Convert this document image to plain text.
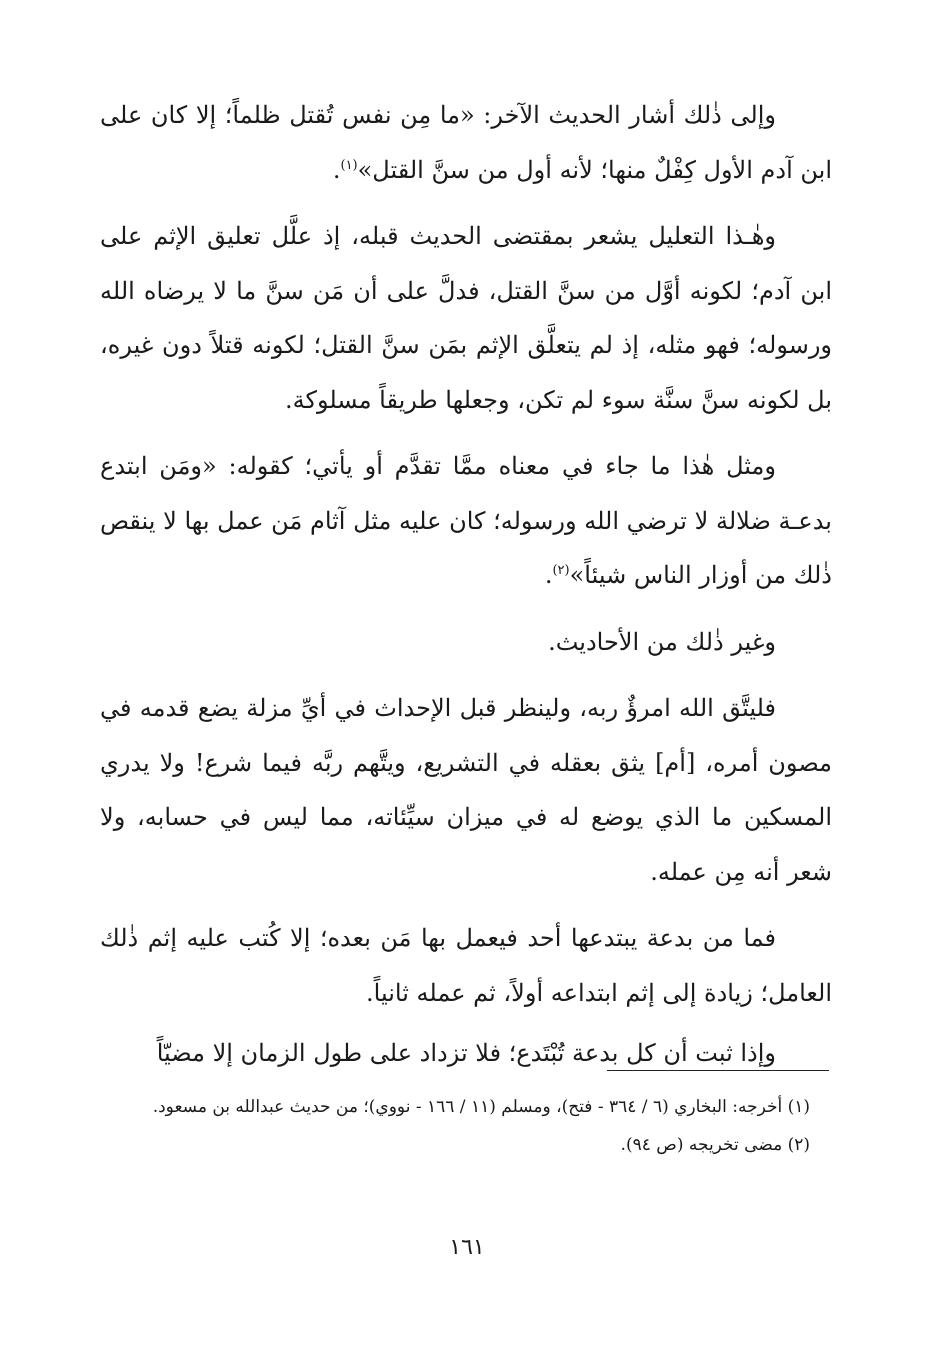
وإلى ذٰلك أشار الحديث الآخر: «ما مِن نفس تُقتل ظلماً؛ إلا كان على ابن آدم الأول كِفْلٌ منها؛ لأنه أول من سنَّ القتل»$^{(١)}$.

وهٰـذا التعليل يشعر بمقتضى الحديث قبله، إذ علَّل تعليق الإثم على ابن آدم؛ لكونه أوَّل من سنَّ القتل، فدلَّ على أن مَن سنَّ ما لا يرضاه الله ورسوله؛ فهو مثله، إذ لم يتعلَّق الإثم بمَن سنَّ القتل؛ لكونه قتلاً دون غيره، بل لكونه سنَّ سنَّة سوء لم تكن، وجعلها طريقاً مسلوكة.

ومثل هٰذا ما جاء في معناه ممَّا تقدَّم أو يأتي؛ كقوله: «ومَن ابتدع بدعـة ضلالة لا ترضي الله ورسوله؛ كان عليه مثل آثام مَن عمل بها لا ينقص ذٰلك من أوزار الناس شيئاً»$^{(٢)}$.

وغير ذٰلك من الأحاديث.

فليتَّق الله امرؤٌ ربه، ولينظر قبل الإحداث في أيِّ مزلة يضع قدمه في مصون أمره، [أم] يثق بعقله في التشريع، ويتَّهم ربَّه فيما شرع! ولا يدري المسكين ما الذي يوضع له في ميزان سيِّئاته، مما ليس في حسابه، ولا شعر أنه مِن عمله.

فما من بدعة يبتدعها أحد فيعمل بها مَن بعده؛ إلا كُتب عليه إثم ذٰلك العامل؛ زيادة إلى إثم ابتداعه أولاً، ثم عمله ثانياً.

وإذا ثبت أن كل بدعة تُبْتَدع؛ فلا تزداد على طول الزمان إلا مضيّاً

(١) أخرجه: البخاري (٦ / ٣٦٤ - فتح)، ومسلم (١١ / ١٦٦ - نووي)؛ من حديث عبدالله بن مسعود.

(٢) مضى تخريجه (ص ٩٤).

١٦١
